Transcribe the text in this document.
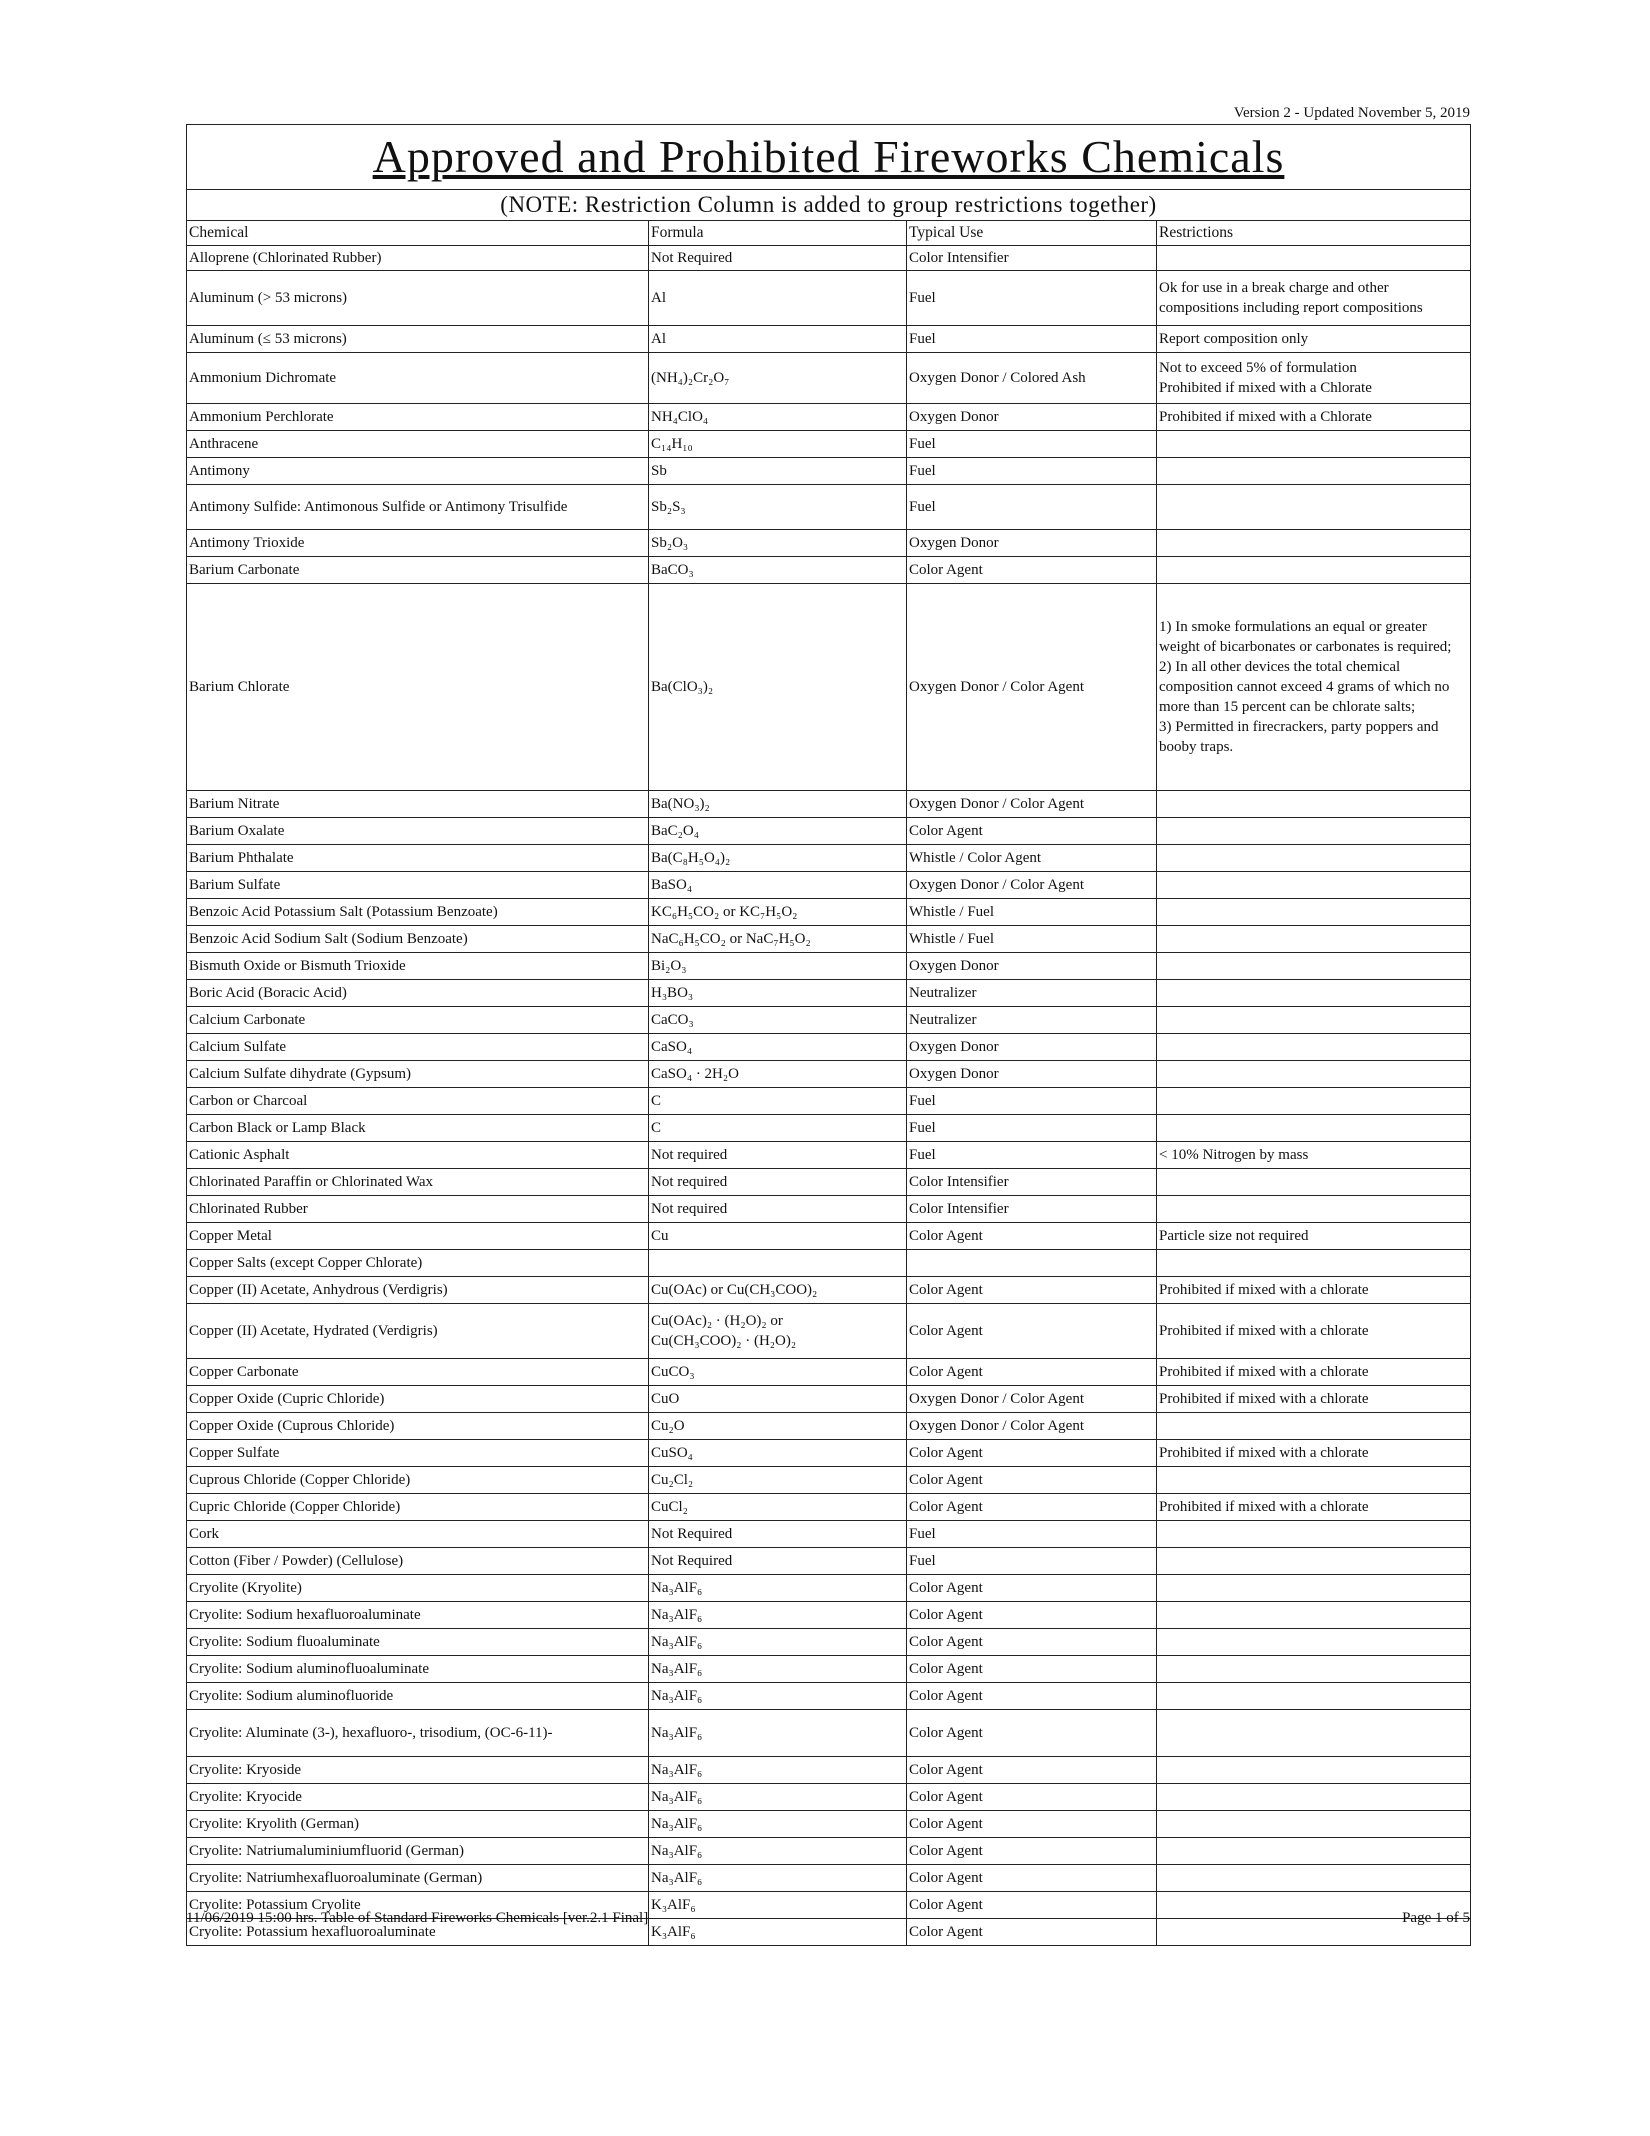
Version 2 - Updated November 5, 2019
Approved and Prohibited Fireworks Chemicals			
(NOTE: Restriction Column is added to group restrictions together)			
Chemical	Formula	Typical Use	Restrictions
Alloprene (Chlorinated Rubber)	Not Required	Color Intensifier	
Aluminum (> 53 microns)	Al	Fuel	Ok for use in a break charge and other compositions including report compositions
Aluminum (≤ 53 microns)	Al	Fuel	Report composition only
Ammonium Dichromate	(NH₄)₂Cr₂O₇	Oxygen Donor / Colored Ash	Not to exceed 5% of formulation
Prohibited if mixed with a Chlorate
Ammonium Perchlorate	NH₄ClO₄	Oxygen Donor	Prohibited if mixed with a Chlorate
Anthracene	C₁₄H₁₀	Fuel	
Antimony	Sb	Fuel	
Antimony Sulfide: Antimonous Sulfide or Antimony Trisulfide	Sb₂S₃	Fuel	
Antimony Trioxide	Sb₂O₃	Oxygen Donor	
Barium Carbonate	BaCO₃	Color Agent	
Barium Chlorate	Ba(ClO₃)₂	Oxygen Donor / Color Agent	1) In smoke formulations an equal or greater weight of bicarbonates or carbonates is required;
2) In all other devices the total chemical composition cannot exceed 4 grams of which no more than 15 percent can be chlorate salts;
3) Permitted in firecrackers, party poppers and booby traps.
Barium Nitrate	Ba(NO₃)₂	Oxygen Donor / Color Agent	
Barium Oxalate	BaC₂O₄	Color Agent	
Barium Phthalate	Ba(C₈H₅O₄)₂	Whistle / Color Agent	
Barium Sulfate	BaSO₄	Oxygen Donor / Color Agent	
Benzoic Acid Potassium Salt (Potassium Benzoate)	KC₆H₅CO₂ or KC₇H₅O₂	Whistle / Fuel	
Benzoic Acid Sodium Salt (Sodium Benzoate)	NaC₆H₅CO₂ or NaC₇H₅O₂	Whistle / Fuel	
Bismuth Oxide or Bismuth Trioxide	Bi₂O₃	Oxygen Donor	
Boric Acid (Boracic Acid)	H₃BO₃	Neutralizer	
Calcium Carbonate	CaCO₃	Neutralizer	
Calcium Sulfate	CaSO₄	Oxygen Donor	
Calcium Sulfate dihydrate (Gypsum)	CaSO₄ · 2H₂O	Oxygen Donor	
Carbon or Charcoal	C	Fuel	
Carbon Black or Lamp Black	C	Fuel	
Cationic Asphalt	Not required	Fuel	< 10% Nitrogen by mass
Chlorinated Paraffin or Chlorinated Wax	Not required	Color Intensifier	
Chlorinated Rubber	Not required	Color Intensifier	
Copper Metal	Cu	Color Agent	Particle size not required
Copper Salts (except Copper Chlorate)			
Copper (II) Acetate, Anhydrous (Verdigris)	Cu(OAc) or Cu(CH₃COO)₂	Color Agent	Prohibited if mixed with a chlorate
Copper (II) Acetate, Hydrated (Verdigris)	Cu(OAc)₂ · (H₂O)₂ or
Cu(CH₃COO)₂ · (H₂O)₂	Color Agent	Prohibited if mixed with a chlorate
Copper Carbonate	CuCO₃	Color Agent	Prohibited if mixed with a chlorate
Copper Oxide (Cupric Chloride)	CuO	Oxygen Donor / Color Agent	Prohibited if mixed with a chlorate
Copper Oxide (Cuprous Chloride)	Cu₂O	Oxygen Donor / Color Agent	
Copper Sulfate	CuSO₄	Color Agent	Prohibited if mixed with a chlorate
Cuprous Chloride (Copper Chloride)	Cu₂Cl₂	Color Agent	
Cupric Chloride (Copper Chloride)	CuCl₂	Color Agent	Prohibited if mixed with a chlorate
Cork	Not Required	Fuel	
Cotton (Fiber / Powder) (Cellulose)	Not Required	Fuel	
Cryolite (Kryolite)	Na₃AlF₆	Color Agent	
Cryolite: Sodium hexafluoroaluminate	Na₃AlF₆	Color Agent	
Cryolite: Sodium fluoaluminate	Na₃AlF₆	Color Agent	
Cryolite: Sodium aluminofluoaluminate	Na₃AlF₆	Color Agent	
Cryolite: Sodium aluminofluoride	Na₃AlF₆	Color Agent	
Cryolite: Aluminate (3-), hexafluoro-, trisodium, (OC-6-11)-	Na₃AlF₆	Color Agent	
Cryolite: Kryoside	Na₃AlF₆	Color Agent	
Cryolite: Kryocide	Na₃AlF₆	Color Agent	
Cryolite: Kryolith (German)	Na₃AlF₆	Color Agent	
Cryolite: Natriumaluminiumfluorid (German)	Na₃AlF₆	Color Agent	
Cryolite: Natriumhexafluoroaluminate (German)	Na₃AlF₆	Color Agent	
Cryolite: Potassium Cryolite	K₃AlF₆	Color Agent	
Cryolite: Potassium hexafluoroaluminate	K₃AlF₆	Color Agent	
11/06/2019 15:00 hrs. Table of Standard Fireworks Chemicals [ver.2.1 Final]	Page 1 of 5
